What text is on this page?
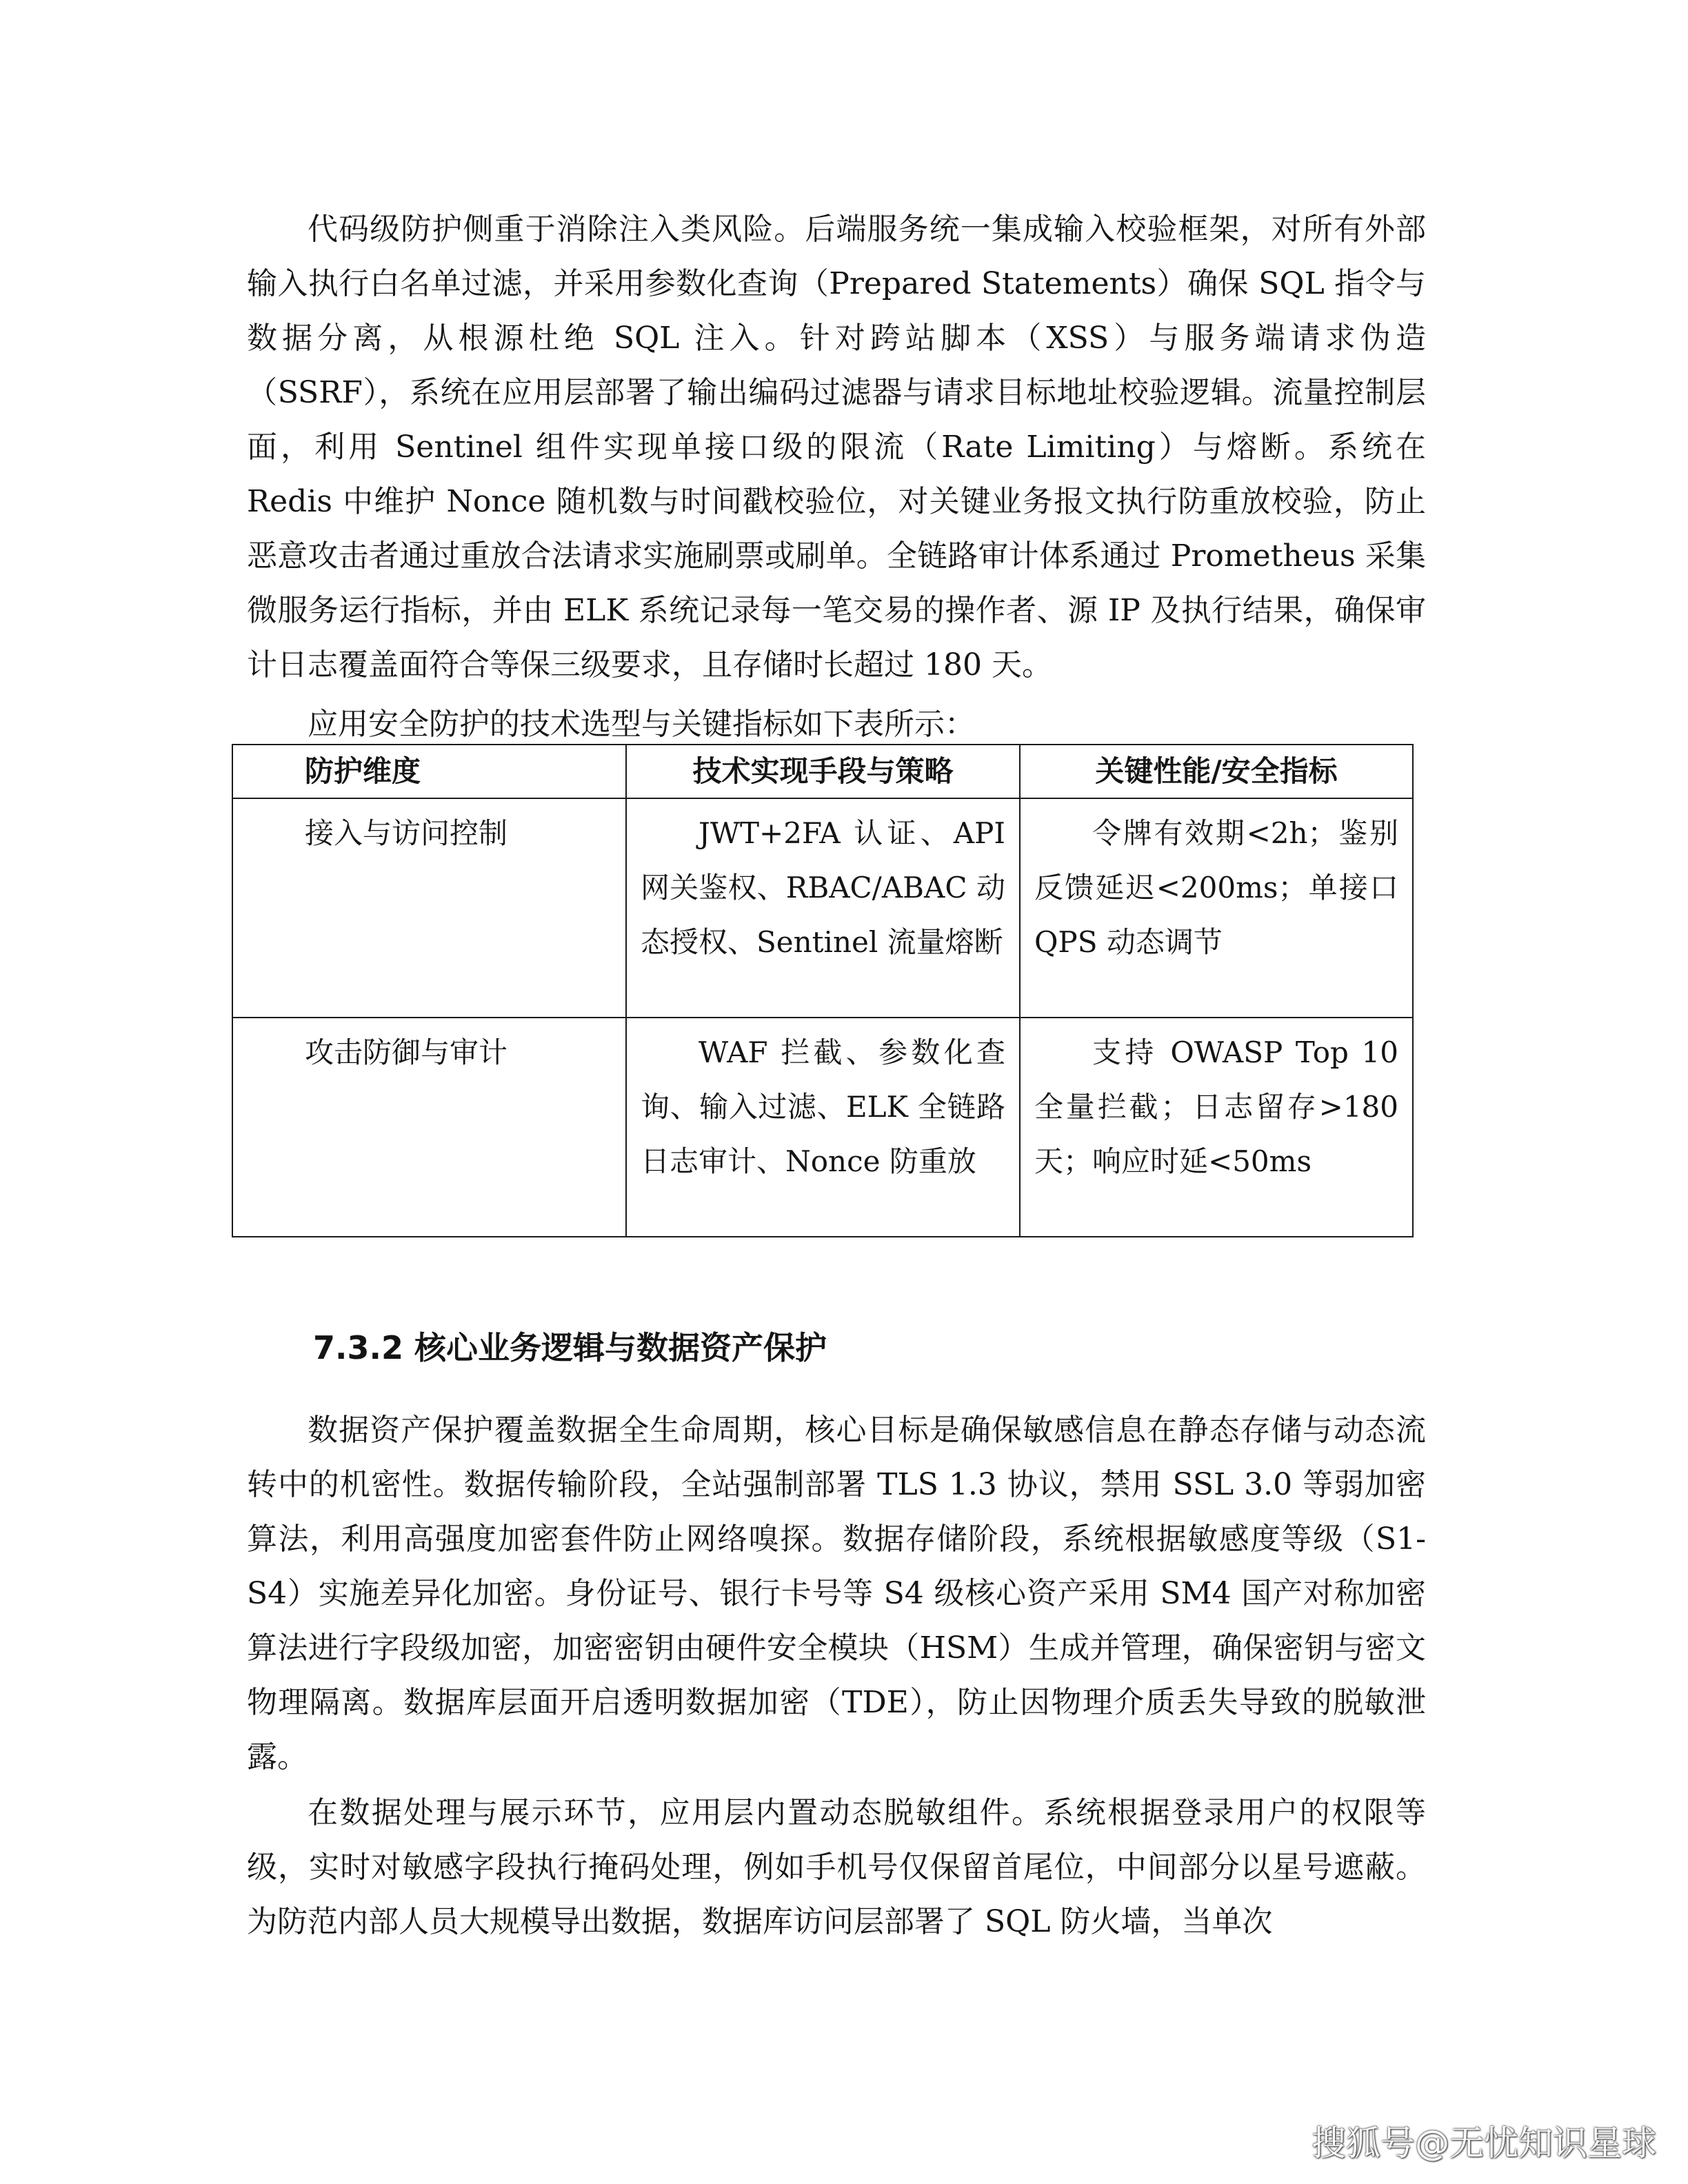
代码级防护侧重于消除注入类风险。后端服务统一集成输入校验框架，对所有外部输入执行白名单过滤，并采用参数化查询（Prepared Statements）确保 SQL 指令与数据分离，从根源杜绝 SQL 注入。针对跨站脚本（XSS）与服务端请求伪造（SSRF），系统在应用层部署了输出编码过滤器与请求目标地址校验逻辑。流量控制层面，利用 Sentinel 组件实现单接口级的限流（Rate Limiting）与熔断。系统在 Redis 中维护 Nonce 随机数与时间戳校验位，对关键业务报文执行防重放校验，防止恶意攻击者通过重放合法请求实施刷票或刷单。全链路审计体系通过 Prometheus 采集微服务运行指标，并由 ELK 系统记录每一笔交易的操作者、源 IP 及执行结果，确保审计日志覆盖面符合等保三级要求，且存储时长超过 180 天。

应用安全防护的技术选型与关键指标如下表所示：

防护维度	技术实现手段与策略	关键性能/安全指标
接入与访问控制	JWT+2FA 认证、API 网关鉴权、RBAC/ABAC 动态授权、Sentinel 流量熔断	令牌有效期<2h；鉴别反馈延迟<200ms；单接口 QPS 动态调节
攻击防御与审计	WAF 拦截、参数化查询、输入过滤、ELK 全链路日志审计、Nonce 防重放	支持 OWASP Top 10 全量拦截；日志留存>180 天；响应时延<50ms
7.3.2 核心业务逻辑与数据资产保护

数据资产保护覆盖数据全生命周期，核心目标是确保敏感信息在静态存储与动态流转中的机密性。数据传输阶段，全站强制部署 TLS 1.3 协议，禁用 SSL 3.0 等弱加密算法，利用高强度加密套件防止网络嗅探。数据存储阶段，系统根据敏感度等级（S1-S4）实施差异化加密。身份证号、银行卡号等 S4 级核心资产采用 SM4 国产对称加密算法进行字段级加密，加密密钥由硬件安全模块（HSM）生成并管理，确保密钥与密文物理隔离。数据库层面开启透明数据加密（TDE），防止因物理介质丢失导致的脱敏泄露。

在数据处理与展示环节，应用层内置动态脱敏组件。系统根据登录用户的权限等级，实时对敏感字段执行掩码处理，例如手机号仅保留首尾位，中间部分以星号遮蔽。为防范内部人员大规模导出数据，数据库访问层部署了 SQL 防火墙，当单次

搜狐号@无忧知识星球
